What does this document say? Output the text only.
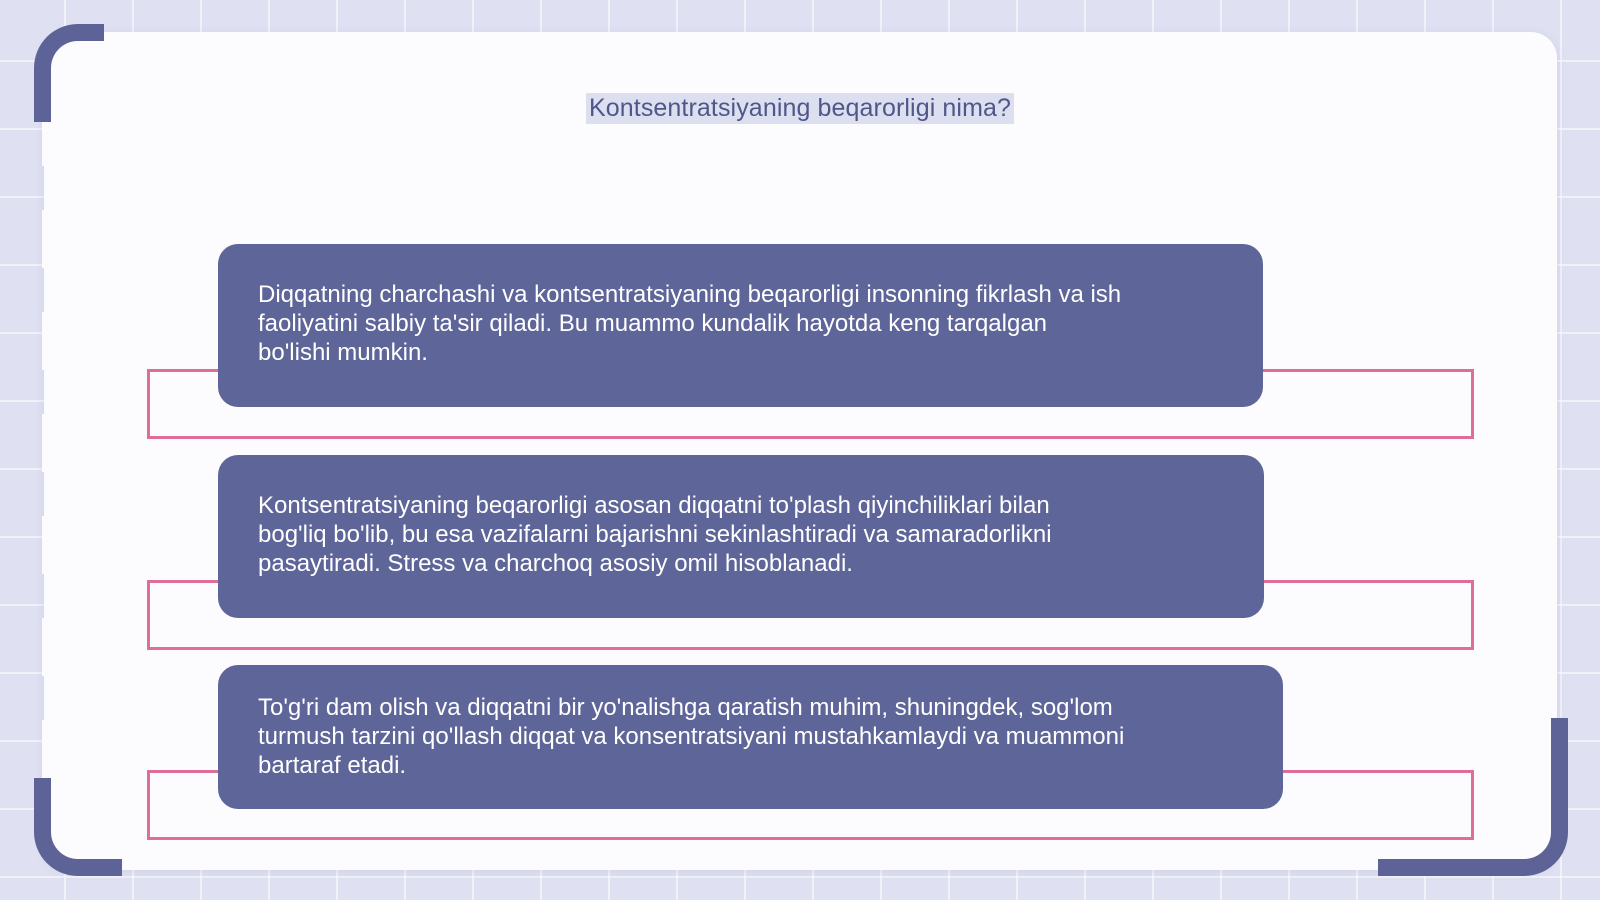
Kontsentratsiyaning beqarorligi nima?
Diqqatning charchashi va kontsentratsiyaning beqarorligi insonning fikrlash va ish
faoliyatini salbiy ta'sir qiladi. Bu muammo kundalik hayotda keng tarqalgan
bo'lishi mumkin.
Kontsentratsiyaning beqarorligi asosan diqqatni to'plash qiyinchiliklari bilan
bog'liq bo'lib, bu esa vazifalarni bajarishni sekinlashtiradi va samaradorlikni
pasaytiradi. Stress va charchoq asosiy omil hisoblanadi.
To'g'ri dam olish va diqqatni bir yo'nalishga qaratish muhim, shuningdek, sog'lom
turmush tarzini qo'llash diqqat va konsentratsiyani mustahkamlaydi va muammoni
bartaraf etadi.
